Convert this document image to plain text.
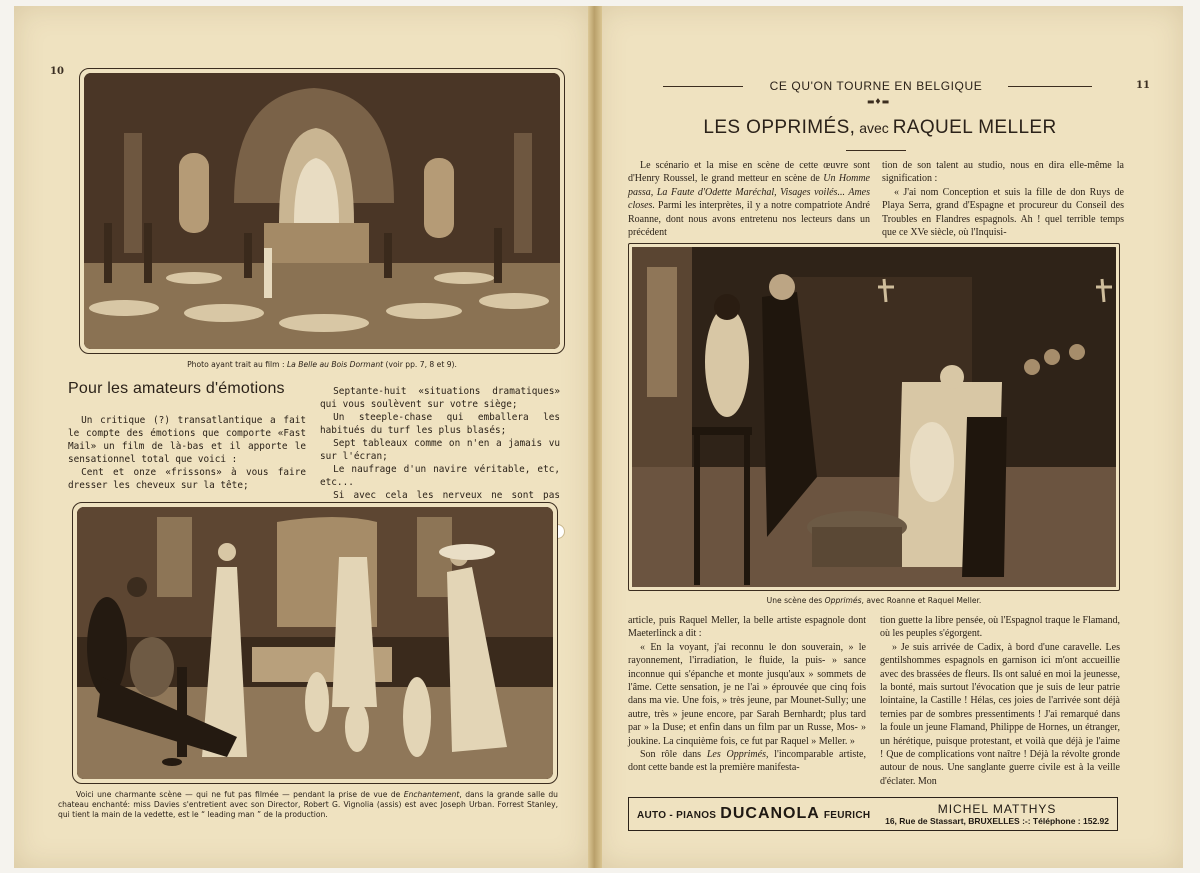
10
Photo ayant trait au film : La Belle au Bois Dormant (voir pp. 7, 8 et 9).
Pour les amateurs d'émotions

Un critique (?) transatlantique a fait le compte des émotions que comporte «Fast Mail» un film de là-bas et il apporte le sensationnel total que voici :

Cent et onze «frissons» à vous faire dresser les cheveux sur la tête;

Septante-huit «situations dramatiques» qui vous soulèvent sur votre siège;

Un steeple-chase qui emballera les habitués du turf les plus blasés;

Sept tableaux comme on n'en a jamais vu sur l'écran;

Le naufrage d'un navire véritable, etc, etc...

Si avec cela les nerveux ne sont pas

Voici une charmante scène — qui ne fut pas filmée — pendant la prise de vue de Enchantement, dans la grande salle du chateau enchanté: miss Davies s'entretient avec son Director, Robert G. Vignolia (assis) est avec Joseph Urban. Forrest Stanley, qui tient la main de la vedette, est le “ leading man ” de la production.
CE QU'ON TOURNE EN BELGIQUE	11
▬♦▬
LES OPPRIMÉS, avec RAQUEL MELLER

Le scénario et la mise en scène de cette œuvre sont d'Henry Roussel, le grand metteur en scène de Un Homme passa, La Faute d'Odette Maréchal, Visages voilés... Ames closes. Parmi les interprètes, il y a notre compatriote André Roanne, dont nous avons entretenu nos lecteurs dans un précédent

tion de son talent au studio, nous en dira elle-même la signification :

« J'ai nom Conception et suis la fille de don Ruys de Playa Serra, grand d'Espagne et procureur du Conseil des Troubles en Flandres espagnols. Ah ! quel terrible temps que ce XVe siècle, où l'Inquisi-

Une scène des Opprimés, avec Roanne et Raquel Meller.

article, puis Raquel Meller, la belle artiste espagnole dont Maeterlinck a dit :

« En la voyant, j'ai reconnu le don souverain, » le rayonnement, l'irradiation, le fluide, la puis- » sance inconnue qui s'épanche et monte jusqu'aux » sommets de l'âme. Cette sensation, je ne l'ai » éprouvée que cinq fois dans ma vie. Une fois, » très jeune, par Mounet-Sully; une autre, très » jeune encore, par Sarah Bernhardt; plus tard par » la Duse; et enfin dans un film par un Russe, Mos- » joukine. La cinquième fois, ce fut par Raquel » Meller. »

Son rôle dans Les Opprimés, l'incomparable artiste, dont cette bande est la première manifesta-

tion guette la libre pensée, où l'Espagnol traque le Flamand, où les peuples s'égorgent.

» Je suis arrivée de Cadix, à bord d'une caravelle. Les gentilshommes espagnols en garnison ici m'ont accueillie avec des brassées de fleurs. Ils ont salué en moi la jeunesse, la bonté, mais surtout l'évocation que je suis de leur patrie lointaine, la Castille ! Hélas, ces joies de l'arrivée sont déjà ternies par de sombres pressentiments ! J'ai remarqué dans la foule un jeune Flamand, Philippe de Hornes, un étranger, un hérétique, puisque protestant, et voilà que déjà je l'aime ! Que de complications vont naître ! Déjà la révolte gronde autour de nous. Une sanglante guerre civile est à la veille d'éclater. Mon

AUTO - PIANOS DUCANOLA FEURICH	MICHEL MATTHYS
16, Rue de Stassart, BRUXELLES :-: Téléphone : 152.92
